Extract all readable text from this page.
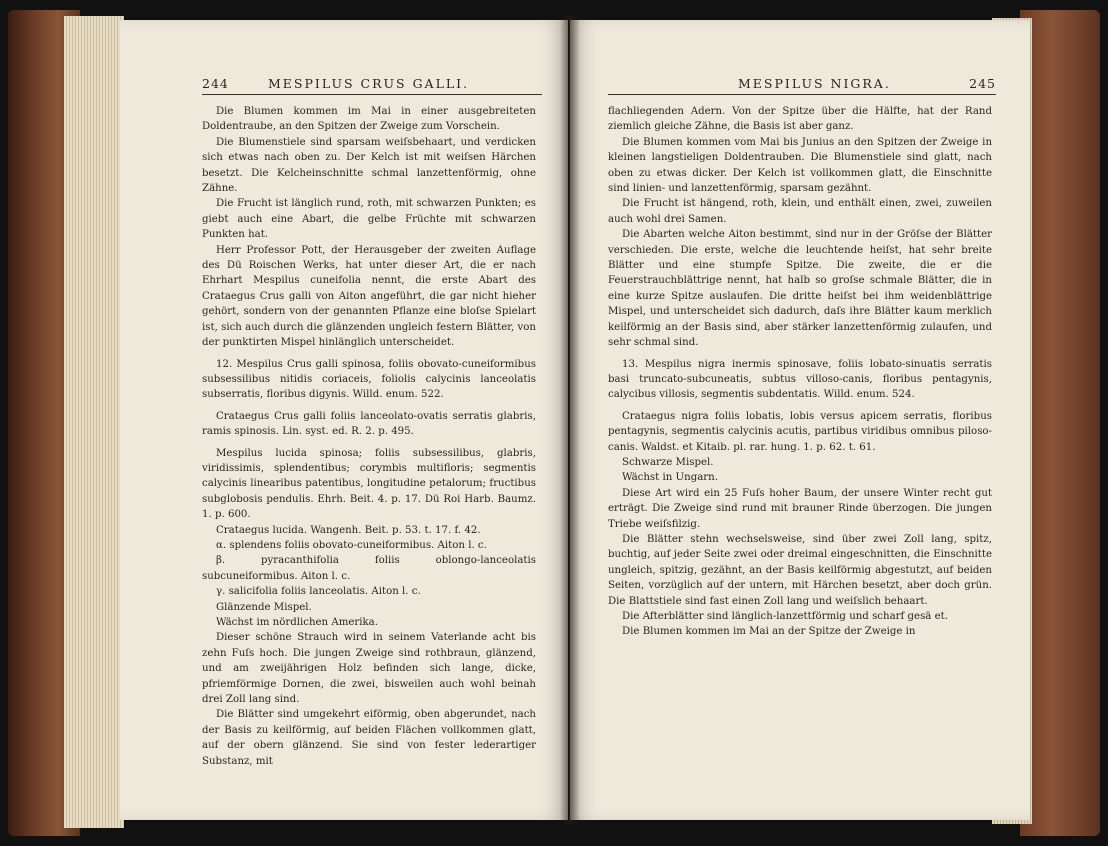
244	MESPILUS CRUS GALLI.

Die Blumen kommen im Mai in einer ausgebreiteten Doldentraube, an den Spitzen der Zweige zum Vorschein.

Die Blumenstiele sind sparsam weiſsbehaart, und verdicken sich etwas nach oben zu. Der Kelch ist mit weiſsen Härchen besetzt. Die Kelcheinschnitte schmal lanzettenförmig, ohne Zähne.

Die Frucht ist länglich rund, roth, mit schwarzen Punkten; es giebt auch eine Abart, die gelbe Früchte mit schwarzen Punkten hat.

Herr Professor Pott, der Herausgeber der zweiten Auflage des Dü Roischen Werks, hat unter dieser Art, die er nach Ehrhart Mespilus cuneifolia nennt, die erste Abart des Crataegus Crus galli von Aiton angeführt, die gar nicht hieher gehört, sondern von der genannten Pflanze eine bloſse Spielart ist, sich auch durch die glänzenden ungleich festern Blätter, von der punktirten Mispel hinlänglich unterscheidet.

12. Mespilus Crus galli spinosa, foliis obovato-cuneiformibus subsessilibus nitidis coriaceis, foliolis calycinis lanceolatis subserratis, floribus digynis. Willd. enum. 522.

Crataegus Crus galli foliis lanceolato-ovatis serratis glabris, ramis spinosis. Lin. syst. ed. R. 2. p. 495.

Mespilus lucida spinosa; foliis subsessilibus, glabris, viridissimis, splendentibus; corymbis multifloris; segmentis calycinis linearibus patentibus, longitudine petalorum; fructibus subglobosis pendulis. Ehrh. Beit. 4. p. 17. Dü Roi Harb. Baumz. 1. p. 600.

Crataegus lucida. Wangenh. Beit. p. 53. t. 17. f. 42.

α. splendens foliis obovato-cuneiformibus. Aiton l. c.

β. pyracanthifolia foliis oblongo-lanceolatis subcuneiformibus. Aiton l. c.

γ. salicifolia foliis lanceolatis. Aiton l. c.

Glänzende Mispel.

Wächst im nördlichen Amerika.

Dieser schöne Strauch wird in seinem Vaterlande acht bis zehn Fuſs hoch. Die jungen Zweige sind rothbraun, glänzend, und am zweijährigen Holz befinden sich lange, dicke, pfriemförmige Dornen, die zwei, bisweilen auch wohl beinah drei Zoll lang sind.

Die Blätter sind umgekehrt eiförmig, oben abgerundet, nach der Basis zu keilförmig, auf beiden Flächen vollkommen glatt, auf der obern glänzend. Sie sind von fester lederartiger Substanz, mit

MESPILUS NIGRA.	245

flachliegenden Adern. Von der Spitze über die Hälfte, hat der Rand ziemlich gleiche Zähne, die Basis ist aber ganz.

Die Blumen kommen vom Mai bis Junius an den Spitzen der Zweige in kleinen langstieligen Doldentrauben. Die Blumenstiele sind glatt, nach oben zu etwas dicker. Der Kelch ist vollkommen glatt, die Einschnitte sind linien- und lanzettenförmig, sparsam gezähnt.

Die Frucht ist hängend, roth, klein, und enthält einen, zwei, zuweilen auch wohl drei Samen.

Die Abarten welche Aiton bestimmt, sind nur in der Gröſse der Blätter verschieden. Die erste, welche die leuchtende heiſst, hat sehr breite Blätter und eine stumpfe Spitze. Die zweite, die er die Feuerstrauchblättrige nennt, hat halb so groſse schmale Blätter, die in eine kurze Spitze auslaufen. Die dritte heiſst bei ihm weidenblättrige Mispel, und unterscheidet sich dadurch, daſs ihre Blätter kaum merklich keilförmig an der Basis sind, aber stärker lanzettenförmig zulaufen, und sehr schmal sind.

13. Mespilus nigra inermis spinosave, foliis lobato-sinuatis serratis basi truncato-subcuneatis, subtus villoso-canis, floribus pentagynis, calycibus villosis, segmentis subdentatis. Willd. enum. 524.

Crataegus nigra foliis lobatis, lobis versus apicem serratis, floribus pentagynis, segmentis calycinis acutis, partibus viridibus omnibus piloso-canis. Waldst. et Kitaib. pl. rar. hung. 1. p. 62. t. 61.

Schwarze Mispel.

Wächst in Ungarn.

Diese Art wird ein 25 Fuſs hoher Baum, der unsere Winter recht gut erträgt. Die Zweige sind rund mit brauner Rinde überzogen. Die jungen Triebe weiſsfilzig.

Die Blätter stehn wechselsweise, sind über zwei Zoll lang, spitz, buchtig, auf jeder Seite zwei oder dreimal eingeschnitten, die Einschnitte ungleich, spitzig, gezähnt, an der Basis keilförmig abgestutzt, auf beiden Seiten, vorzüglich auf der untern, mit Härchen besetzt, aber doch grün. Die Blattstiele sind fast einen Zoll lang und weiſslich behaart.

Die Afterblätter sind länglich-lanzettförmig und scharf gesä et.

Die Blumen kommen im Mai an der Spitze der Zweige in
